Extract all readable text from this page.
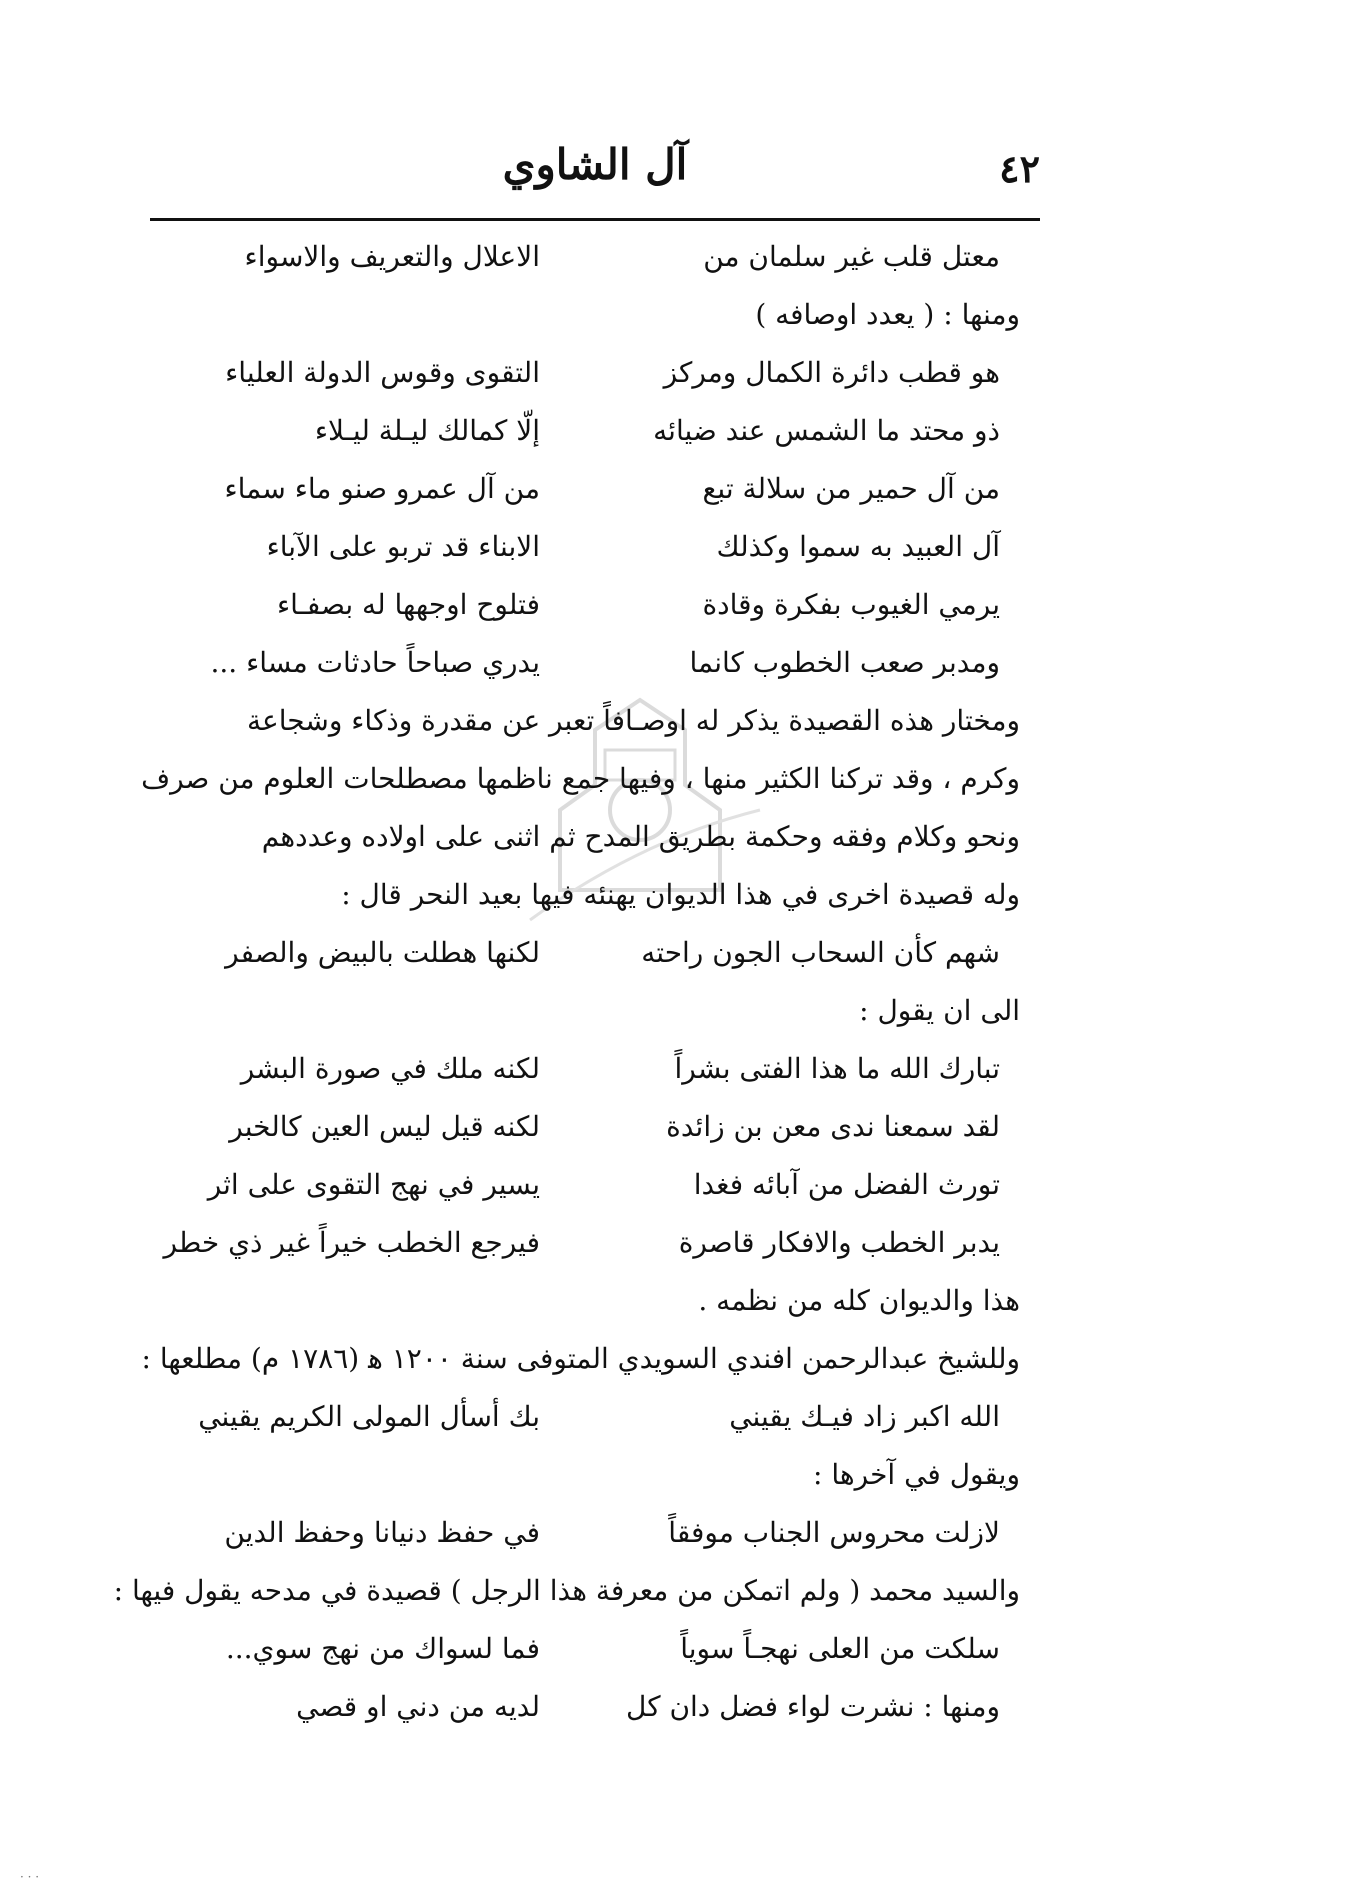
٤٢
آل الشاوي
معتل قلب غير سلمان من
الاعلال والتعريف والاسواء
ومنها : ( يعدد اوصافه )
هو قطب دائرة الكمال ومركز
التقوى وقوس الدولة العلياء
ذو محتد ما الشمس عند ضيائه
إلّا كمالك ليـلة ليـلاء
من آل حمير من سلالة تبع
من آل عمرو صنو ماء سماء
آل العبيد به سموا وكذلك
الابناء قد تربو على الآباء
يرمي الغيوب بفكرة وقادة
فتلوح اوجهها له بصفـاء
ومدبر صعب الخطوب كانما
يدري صباحاً حادثات مساء ...
ومختار هذه القصيدة يذكر له اوصـافاً تعبر عن مقدرة وذكاء وشجاعة
وكرم ، وقد تركنا الكثير منها ، وفيها جمع ناظمها مصطلحات العلوم من صرف
ونحو وكلام وفقه وحكمة بطريق المدح ثم اثنى على اولاده وعددهم
وله قصيدة اخرى في هذا الديوان يهنئه فيها بعيد النحر قال :
شهم كأن السحاب الجون راحته
لكنها هطلت بالبيض والصفر
الى ان يقول :
تبارك الله ما هذا الفتى بشراً
لكنه ملك في صورة البشر
لقد سمعنا ندى معن بن زائدة
لكنه قيل ليس العين كالخبر
تورث الفضل من آبائه فغدا
يسير في نهج التقوى على اثر
يدبر الخطب والافكار قاصرة
فيرجع الخطب خيراً غير ذي خطر
هذا والديوان كله من نظمه .
وللشيخ عبدالرحمن افندي السويدي المتوفى سنة ١٢٠٠ ﻫ (١٧٨٦ م) مطلعها :
الله اكبر زاد فيـك يقيني
بك أسأل المولى الكريم يقيني
ويقول في آخرها :
لازلت محروس الجناب موفقاً
في حفظ دنيانا وحفظ الدين
والسيد محمد ( ولم اتمكن من معرفة هذا الرجل ) قصيدة في مدحه يقول فيها :
سلكت من العلى نهجـاً سوياً
فما لسواك من نهج سوي...
ومنها : نشرت لواء فضل دان كل
لديه من دني او قصي
· · ·
